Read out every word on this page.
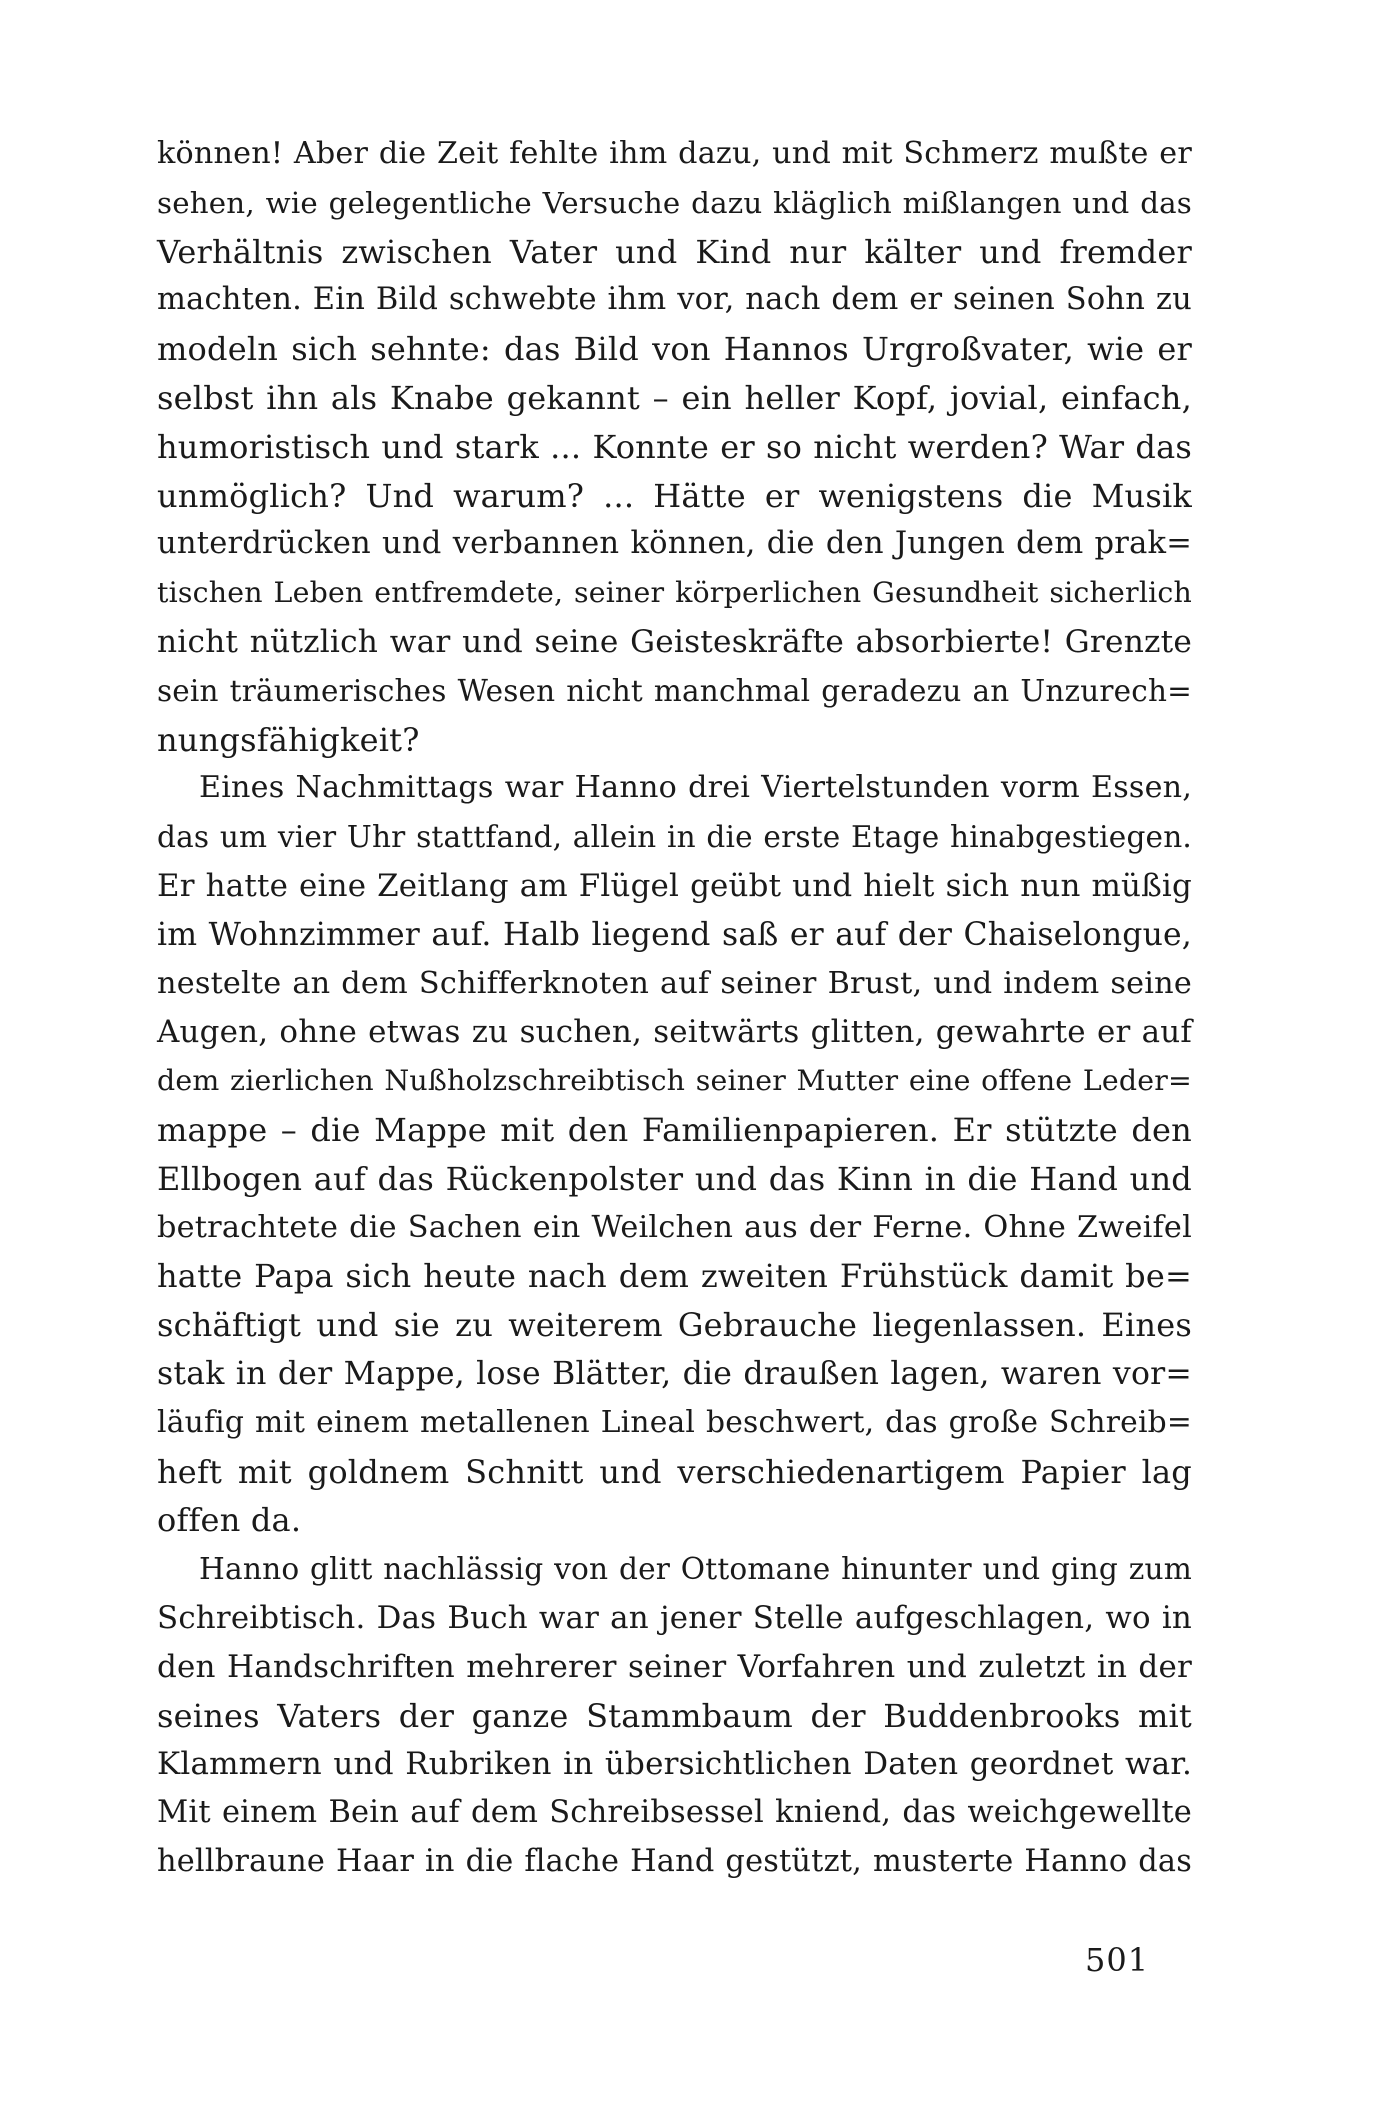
können! Aber die Zeit fehlte ihm dazu, und mit Schmerz mußte er
sehen, wie gelegentliche Versuche dazu kläglich mißlangen und das
Verhältnis zwischen Vater und Kind nur kälter und fremder
machten. Ein Bild schwebte ihm vor, nach dem er seinen Sohn zu
modeln sich sehnte: das Bild von Hannos Urgroßvater, wie er
selbst ihn als Knabe gekannt – ein heller Kopf, jovial, einfach,
humoristisch und stark ... Konnte er so nicht werden? War das
unmöglich? Und warum? ... Hätte er wenigstens die Musik
unterdrücken und verbannen können, die den Jungen dem prak=
tischen Leben entfremdete, seiner körperlichen Gesundheit sicherlich
nicht nützlich war und seine Geisteskräfte absorbierte! Grenzte
sein träumerisches Wesen nicht manchmal geradezu an Unzurech=
nungsfähigkeit?
Eines Nachmittags war Hanno drei Viertelstunden vorm Essen,
das um vier Uhr stattfand, allein in die erste Etage hinabgestiegen.
Er hatte eine Zeitlang am Flügel geübt und hielt sich nun müßig
im Wohnzimmer auf. Halb liegend saß er auf der Chaiselongue,
nestelte an dem Schifferknoten auf seiner Brust, und indem seine
Augen, ohne etwas zu suchen, seitwärts glitten, gewahrte er auf
dem zierlichen Nußholzschreibtisch seiner Mutter eine offene Leder=
mappe – die Mappe mit den Familienpapieren. Er stützte den
Ellbogen auf das Rückenpolster und das Kinn in die Hand und
betrachtete die Sachen ein Weilchen aus der Ferne. Ohne Zweifel
hatte Papa sich heute nach dem zweiten Frühstück damit be=
schäftigt und sie zu weiterem Gebrauche liegenlassen. Eines
stak in der Mappe, lose Blätter, die draußen lagen, waren vor=
läufig mit einem metallenen Lineal beschwert, das große Schreib=
heft mit goldnem Schnitt und verschiedenartigem Papier lag
offen da.
Hanno glitt nachlässig von der Ottomane hinunter und ging zum
Schreibtisch. Das Buch war an jener Stelle aufgeschlagen, wo in
den Handschriften mehrerer seiner Vorfahren und zuletzt in der
seines Vaters der ganze Stammbaum der Buddenbrooks mit
Klammern und Rubriken in übersichtlichen Daten geordnet war.
Mit einem Bein auf dem Schreibsessel kniend, das weichgewellte
hellbraune Haar in die flache Hand gestützt, musterte Hanno das
501
